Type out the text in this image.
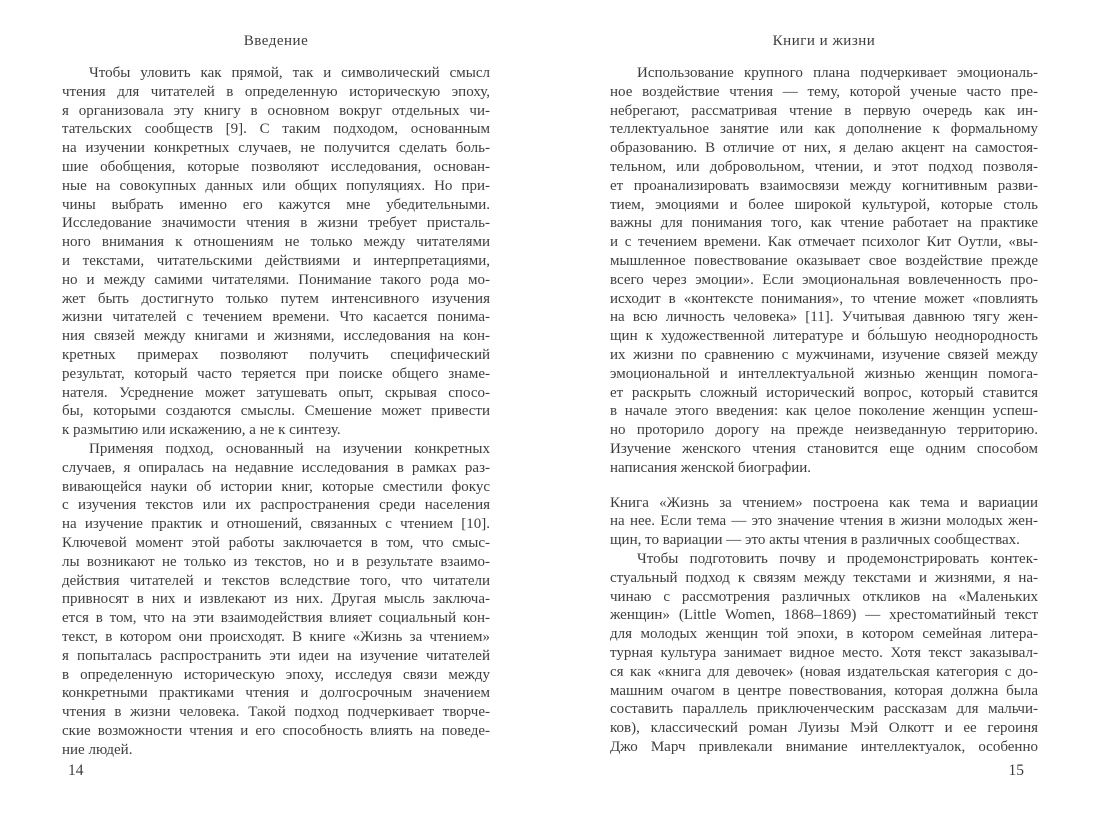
Введение
Чтобы уловить как прямой, так и символический смысл
чтения для читателей в определенную историческую эпоху,
я организовала эту книгу в основном вокруг отдельных чи-
тательских сообществ [9]. С таким подходом, основанным
на изучении конкретных случаев, не получится сделать боль-
шие обобщения, которые позволяют исследования, основан-
ные на совокупных данных или общих популяциях. Но при-
чины выбрать именно его кажутся мне убедительными.
Исследование значимости чтения в жизни требует присталь-
ного внимания к отношениям не только между читателями
и текстами, читательскими действиями и интерпретациями,
но и между самими читателями. Понимание такого рода мо-
жет быть достигнуто только путем интенсивного изучения
жизни читателей с течением времени. Что касается понима-
ния связей между книгами и жизнями, исследования на кон-
кретных примерах позволяют получить специфический
результат, который часто теряется при поиске общего знаме-
нателя. Усреднение может затушевать опыт, скрывая спосо-
бы, которыми создаются смыслы. Смешение может привести
к размытию или искажению, а не к синтезу.
Применяя подход, основанный на изучении конкретных
случаев, я опиралась на недавние исследования в рамках раз-
вивающейся науки об истории книг, которые сместили фокус
с изучения текстов или их распространения среди населения
на изучение практик и отношений, связанных с чтением [10].
Ключевой момент этой работы заключается в том, что смыс-
лы возникают не только из текстов, но и в результате взаимо-
действия читателей и текстов вследствие того, что читатели
привносят в них и извлекают из них. Другая мысль заключа-
ется в том, что на эти взаимодействия влияет социальный кон-
текст, в котором они происходят. В книге «Жизнь за чтением»
я попыталась распространить эти идеи на изучение читателей
в определенную историческую эпоху, исследуя связи между
конкретными практиками чтения и долгосрочным значением
чтения в жизни человека. Такой подход подчеркивает творче-
ские возможности чтения и его способность влиять на поведе-
ние людей.
14
Книги и жизни
Использование крупного плана подчеркивает эмоциональ-
ное воздействие чтения — тему, которой ученые часто пре-
небрегают, рассматривая чтение в первую очередь как ин-
теллектуальное занятие или как дополнение к формальному
образованию. В отличие от них, я делаю акцент на самостоя-
тельном, или добровольном, чтении, и этот подход позволя-
ет проанализировать взаимосвязи между когнитивным разви-
тием, эмоциями и более широкой культурой, которые столь
важны для понимания того, как чтение работает на практике
и с течением времени. Как отмечает психолог Кит Оутли, «вы-
мышленное повествование оказывает свое воздействие прежде
всего через эмоции». Если эмоциональная вовлеченность про-
исходит в «контексте понимания», то чтение может «повлиять
на всю личность человека» [11]. Учитывая давнюю тягу жен-
щин к художественной литературе и бо́льшую неоднородность
их жизни по сравнению с мужчинами, изучение связей между
эмоциональной и интеллектуальной жизнью женщин помога-
ет раскрыть сложный исторический вопрос, который ставится
в начале этого введения: как целое поколение женщин успеш-
но проторило дорогу на прежде неизведанную территорию.
Изучение женского чтения становится еще одним способом
написания женской биографии.
Книга «Жизнь за чтением» построена как тема и вариации
на нее. Если тема — это значение чтения в жизни молодых жен-
щин, то вариации — это акты чтения в различных сообществах.
Чтобы подготовить почву и продемонстрировать контек-
стуальный подход к связям между текстами и жизнями, я на-
чинаю с рассмотрения различных откликов на «Маленьких
женщин» (Little Women, 1868–1869) — хрестоматийный текст
для молодых женщин той эпохи, в котором семейная литера-
турная культура занимает видное место. Хотя текст заказывал-
ся как «книга для девочек» (новая издательская категория с до-
машним очагом в центре повествования, которая должна была
составить параллель приключенческим рассказам для мальчи-
ков), классический роман Луизы Мэй Олкотт и ее героиня
Джо Марч привлекали внимание интеллектуалок, особенно
15
